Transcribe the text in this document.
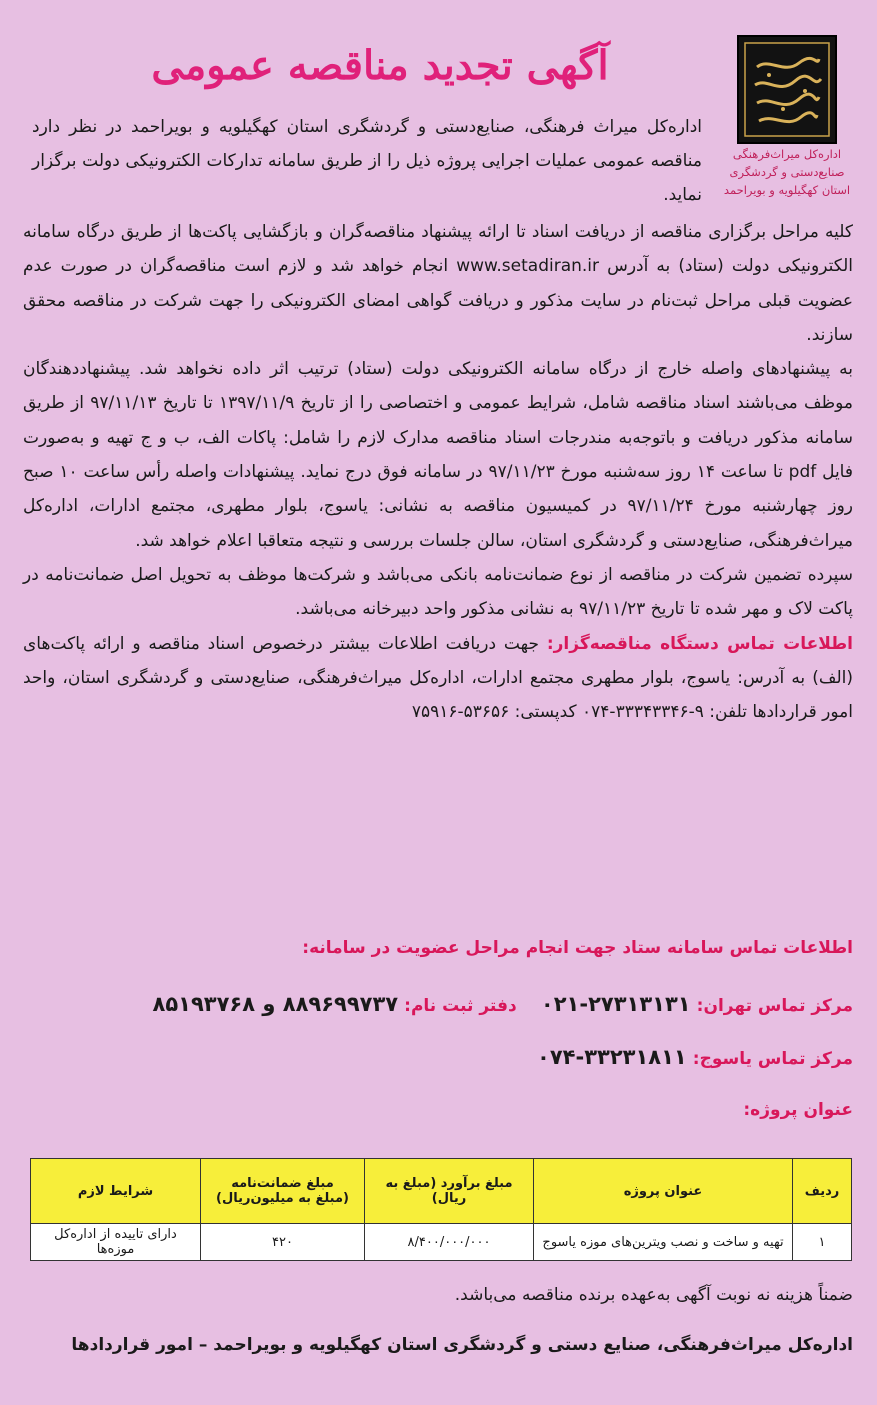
آگهی تجدید مناقصه عمومی
اداره‌کل میراث‌فرهنگی
صنایع‌دستی و گردشگری
استان کهگیلویه و بویراحمد
اداره‌کل میراث فرهنگی، صنایع‌دستی و گردشگری استان کهگیلویه و بویراحمد در نظر دارد مناقصه عمومی عملیات اجرایی پروژه ذیل را از طریق سامانه تدارکات الکترونیکی دولت برگزار نماید.

کلیه مراحل برگزاری مناقصه از دریافت اسناد تا ارائه پیشنهاد مناقصه‌گران و بازگشایی پاکت‌ها از طریق درگاه سامانه الکترونیکی دولت (ستاد) به آدرس www.setadiran.ir انجام خواهد شد و لازم است مناقصه‌گران در صورت عدم عضویت قبلی مراحل ثبت‌نام در سایت مذکور و دریافت گواهی امضای الکترونیکی را جهت شرکت در مناقصه محقق سازند.

به پیشنهادهای واصله خارج از درگاه سامانه الکترونیکی دولت (ستاد) ترتیب اثر داده نخواهد شد. پیشنهاددهندگان موظف می‌باشند اسناد مناقصه شامل، شرایط عمومی و اختصاصی را از تاریخ ۱۳۹۷/۱۱/۹ تا تاریخ ۹۷/۱۱/۱۳ از طریق سامانه مذکور دریافت و باتوجه‌به مندرجات اسناد مناقصه مدارک لازم را شامل: پاکات الف، ب و ج تهیه و به‌صورت فایل pdf تا ساعت ۱۴ روز سه‌شنبه مورخ ۹۷/۱۱/۲۳ در سامانه فوق درج نماید. پیشنهادات واصله رأس ساعت ۱۰ صبح روز چهارشنبه مورخ ۹۷/۱۱/۲۴ در کمیسیون مناقصه به نشانی: یاسوج، بلوار مطهری، مجتمع ادارات، اداره‌کل میراث‌فرهنگی، صنایع‌دستی و گردشگری استان، سالن جلسات بررسی و نتیجه متعاقبا اعلام خواهد شد.

سپرده تضمین شرکت در مناقصه از نوع ضمانت‌نامه بانکی می‌باشد و شرکت‌ها موظف به تحویل اصل ضمانت‌نامه در پاکت لاک و مهر شده تا تاریخ ۹۷/۱۱/۲۳ به نشانی مذکور واحد دبیرخانه می‌باشد.

اطلاعات تماس دستگاه مناقصه‌گزار: جهت دریافت اطلاعات بیشتر درخصوص اسناد مناقصه و ارائه پاکت‌های (الف) به آدرس: یاسوج، بلوار مطهری مجتمع ادارات، اداره‌کل میراث‌فرهنگی، صنایع‌دستی و گردشگری استان، واحد امور قراردادها تلفن: ۹-۳۳۳۴۳۳۴۶-۰۷۴ کدپستی: ۵۳۶۵۶-۷۵۹۱۶

اطلاعات تماس سامانه ستاد جهت انجام مراحل عضویت در سامانه:
مرکز تماس تهران: ۲۷۳۱۳۱۳۱-۰۲۱    دفتر ثبت نام: ۸۸۹۶۹۹۷۳۷ و ۸۵۱۹۳۷۶۸
مرکز تماس یاسوج: ۳۳۲۳۱۸۱۱-۰۷۴
عنوان پروژه:
ردیف	عنوان پروژه	مبلغ برآورد (مبلغ به ریال)	مبلغ ضمانت‌نامه
(مبلغ به میلیون‌ریال)	شرایط لازم
۱	تهیه و ساخت و نصب ویترین‌های موزه یاسوج	۸/۴۰۰/۰۰۰/۰۰۰	۴۲۰	دارای تاییده از اداره‌کل موزه‌ها
ضمناً هزینه نه نوبت آگهی به‌عهده برنده مناقصه می‌باشد.
اداره‌کل میراث‌فرهنگی، صنایع دستی و گردشگری استان کهگیلویه و بویراحمد – امور قراردادها
